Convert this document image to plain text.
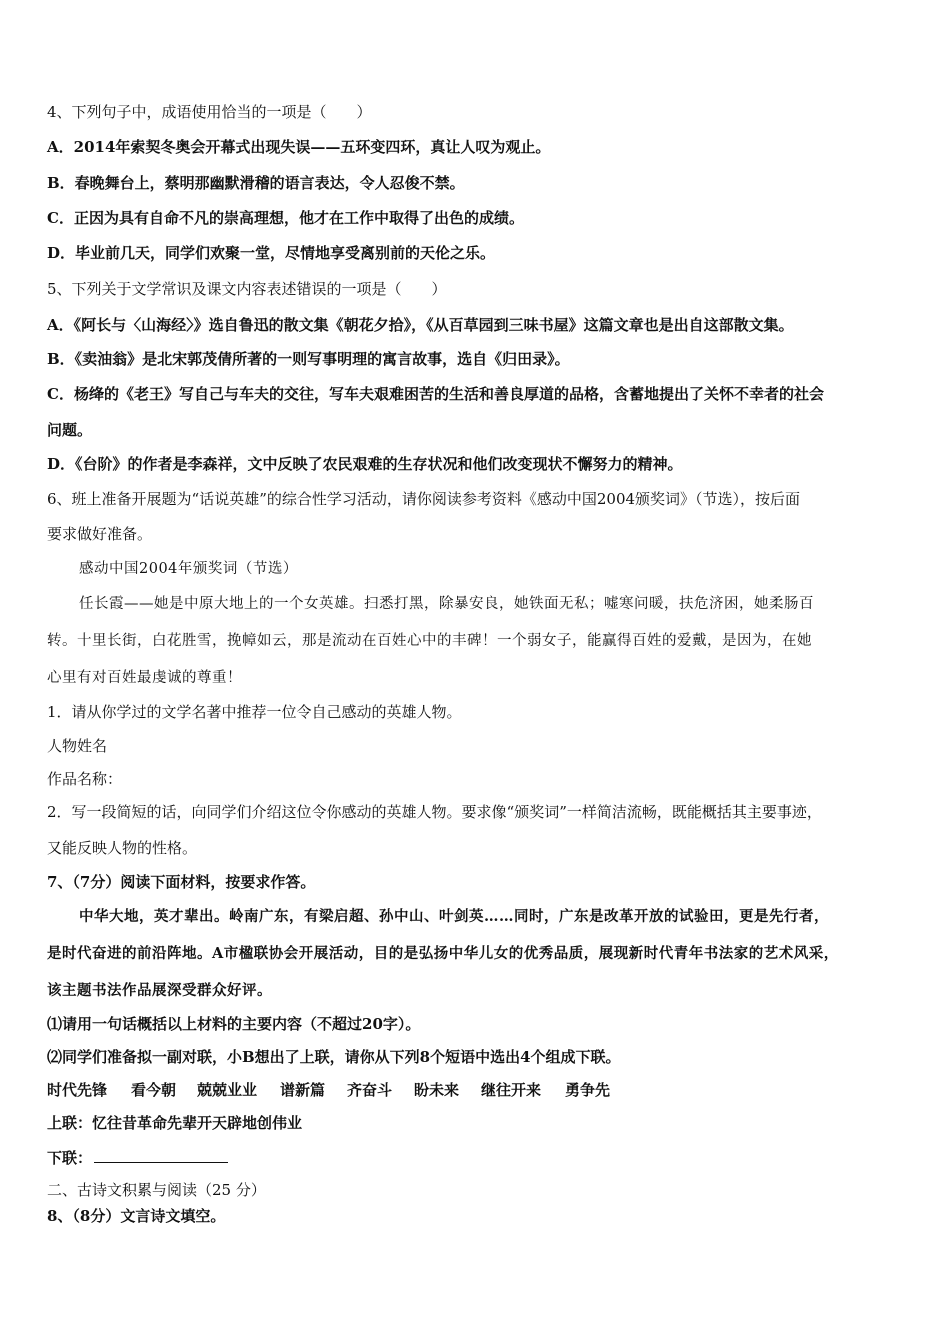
4、下列句子中，成语使用恰当的一项是（　　）
A．2014年索契冬奥会开幕式出现失误——五环变四环，真让人叹为观止。
B．春晚舞台上，蔡明那幽默滑稽的语言表达，令人忍俊不禁。
C．正因为具有自命不凡的崇高理想，他才在工作中取得了出色的成绩。
D．毕业前几天，同学们欢聚一堂，尽情地享受离别前的天伦之乐。
5、下列关于文学常识及课文内容表述错误的一项是（　　）
A．《阿长与〈山海经〉》选自鲁迅的散文集《朝花夕拾》，《从百草园到三味书屋》这篇文章也是出自这部散文集。
B．《卖油翁》是北宋郭茂倩所著的一则写事明理的寓言故事，选自《归田录》。
C．杨绛的《老王》写自己与车夫的交往，写车夫艰难困苦的生活和善良厚道的品格，含蓄地提出了关怀不幸者的社会
问题。
D．《台阶》的作者是李森祥，文中反映了农民艰难的生存状况和他们改变现状不懈努力的精神。
6、班上准备开展题为“话说英雄”的综合性学习活动，请你阅读参考资料《感动中国2004颁奖词》（节选），按后面
要求做好准备。
感动中国2004年颁奖词（节选）
任长霞——她是中原大地上的一个女英雄。扫悉打黑，除暴安良，她铁面无私；嘘寒问暖，扶危济困，她柔肠百
转。十里长街，白花胜雪，挽幛如云，那是流动在百姓心中的丰碑！一个弱女子，能赢得百姓的爱戴，是因为，在她
心里有对百姓最虔诚的尊重！
1．请从你学过的文学名著中推荐一位令自己感动的英雄人物。
人物姓名
作品名称：
2．写一段简短的话，向同学们介绍这位令你感动的英雄人物。要求像“颁奖词”一样简洁流畅，既能概括其主要事迹，
又能反映人物的性格。
7、（7分）阅读下面材料，按要求作答。
中华大地，英才辈出。岭南广东，有梁启超、孙中山、叶剑英……同时，广东是改革开放的试验田，更是先行者，
是时代奋进的前沿阵地。A市楹联协会开展活动，目的是弘扬中华儿女的优秀品质，展现新时代青年书法家的艺术风采，
该主题书法作品展深受群众好评。
⑴请用一句话概括以上材料的主要内容（不超过20字）。
⑵同学们准备拟一副对联，小B想出了上联，请你从下列8个短语中选出4个组成下联。
时代先锋 看今朝 兢兢业业 谱新篇 齐奋斗 盼未来 继往开来 勇争先
上联：忆往昔革命先辈开天辟地创伟业
下联：
二、古诗文积累与阅读（25 分）
8、（8分）文言诗文填空。
